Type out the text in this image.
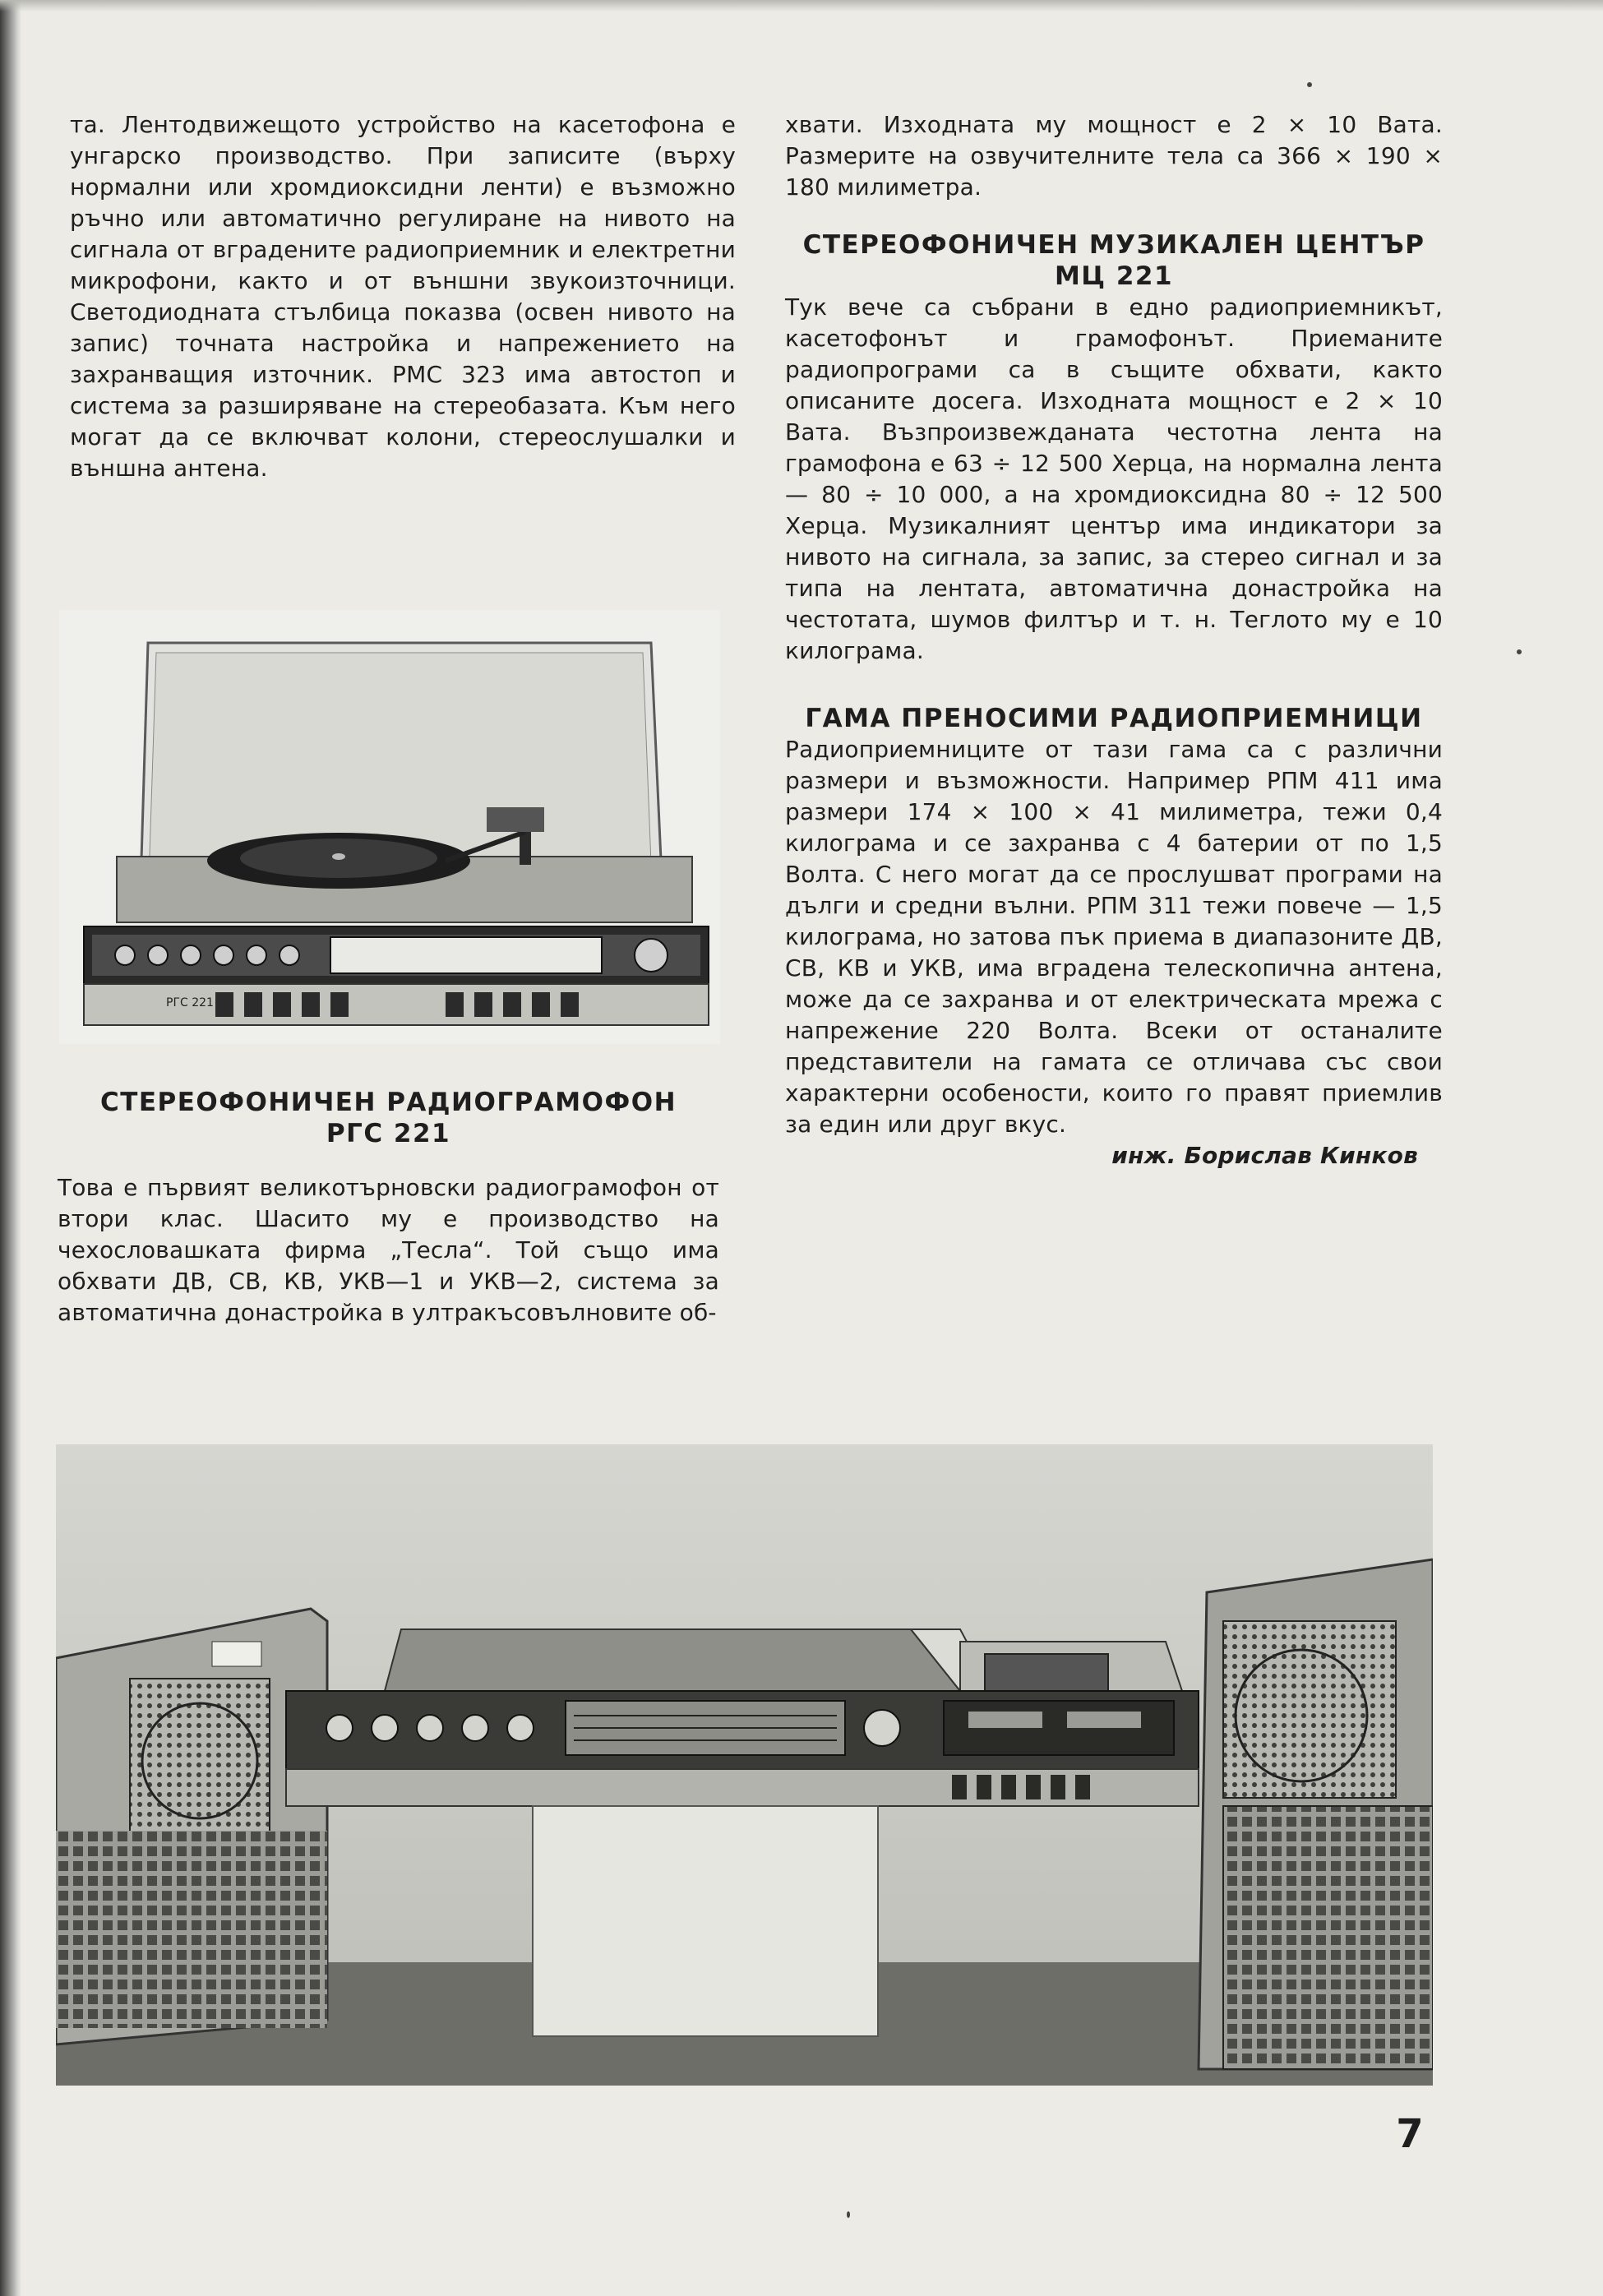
та. Лентодвижещото устройство на касетофона е унгарско производство. При записите (върху нормални или хромдиоксидни ленти) е възможно ръчно или автоматично регулиране на нивото на сигнала от вградените радиоприемник и електретни микрофони, както и от външни звукоизточници. Светодиодната стълбица показва (освен нивото на запис) точната настройка и напрежението на захранващия източник. РМС 323 има автостоп и система за разширяване на стереобазата. Към него могат да се включват колони, стереослушалки и външна антена.

РГС 221
СТЕРЕОФОНИЧЕН РАДИОГРАМОФОН
РГС 221

Това е първият великотърновски радиограмофон от втори клас. Шасито му е производство на чехословашката фирма „Тесла“. Той също има обхвати ДВ, СВ, КВ, УКВ—1 и УКВ—2, система за автоматична донастройка в ултракъсовълновите об-

хвати. Изходната му мощност е 2 × 10 Вата. Размерите на озвучителните тела са 366 × 190 × 180 милиметра.

СТЕРЕОФОНИЧЕН МУЗИКАЛЕН ЦЕНТЪР
МЦ 221

Тук вече са събрани в едно радиоприемникът, касетофонът и грамофонът. Приеманите радиопрограми са в същите обхвати, както описаните досега. Изходната мощност е 2 × 10 Вата. Възпроизвежданата честотна лента на грамофона е 63 ÷ 12 500 Херца, на нормална лента — 80 ÷ 10 000, а на хромдиоксидна 80 ÷ 12 500 Херца. Музикалният център има индикатори за нивото на сигнала, за запис, за стерео сигнал и за типа на лентата, автоматична донастройка на честотата, шумов филтър и т. н. Теглото му е 10 килограма.

ГАМА ПРЕНОСИМИ РАДИОПРИЕМНИЦИ

Радиоприемниците от тази гама са с различни размери и възможности. Например РПМ 411 има размери 174 × 100 × 41 милиметра, тежи 0,4 килограма и се захранва с 4 батерии от по 1,5 Волта. С него могат да се прослушват програми на дълги и средни вълни. РПМ 311 тежи повече — 1,5 килограма, но затова пък приема в диапазоните ДВ, СВ, КВ и УКВ, има вградена телескопична антена, може да се захранва и от електрическата мрежа с напрежение 220 Волта. Всеки от останалите представители на гамата се отличава със свои характерни особености, които го правят приемлив за един или друг вкус.

инж. Борислав Кинков

7
